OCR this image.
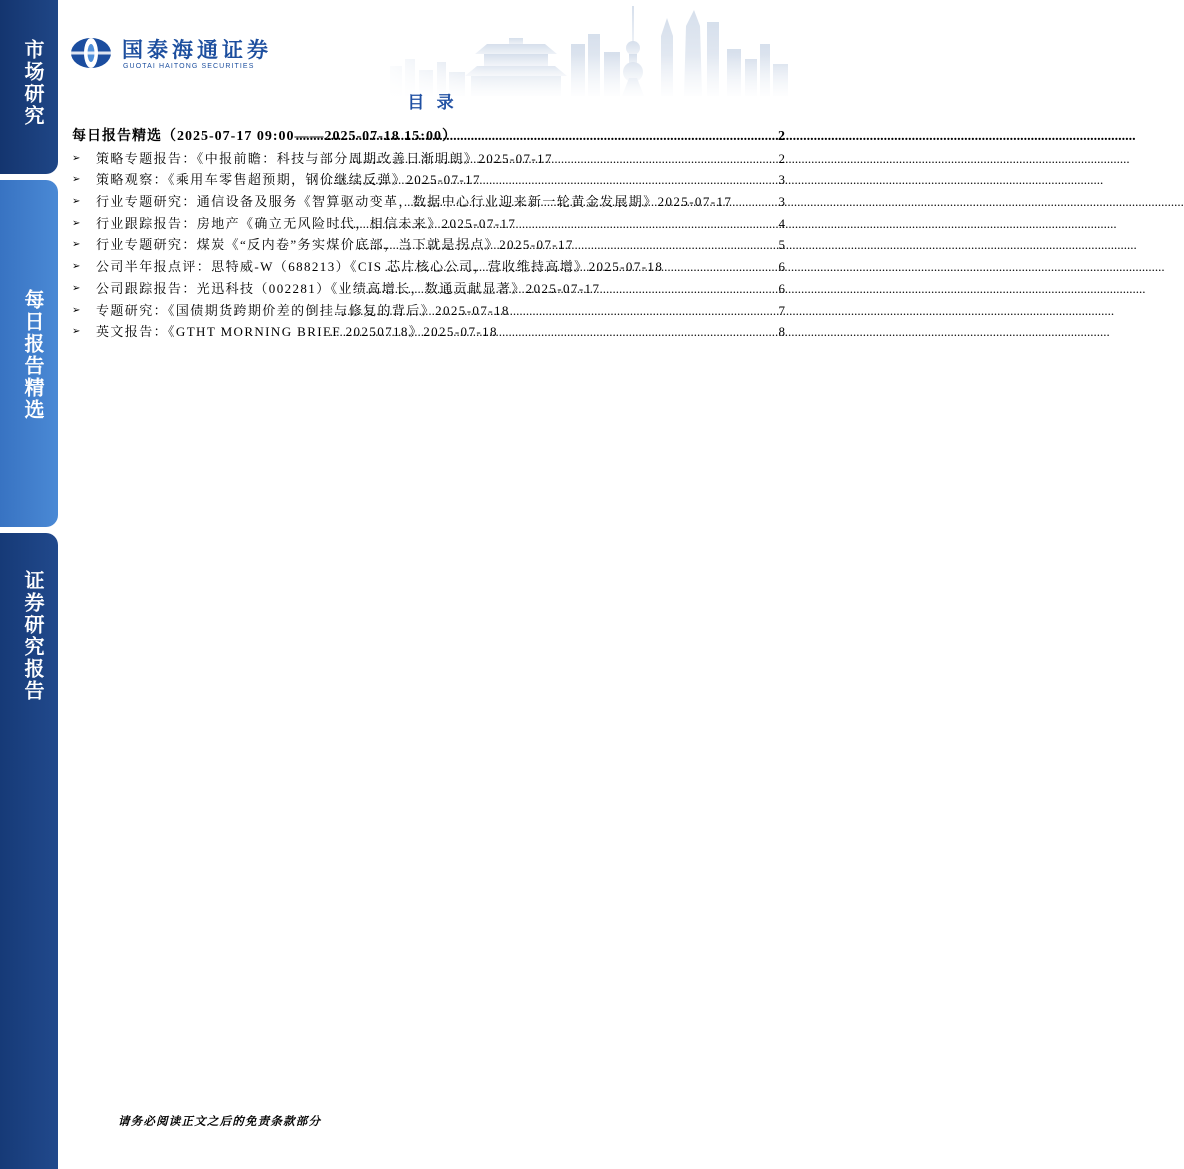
市场研究
每日报告精选
证券研究报告
国泰海通证券
GUOTAI HAITONG SECURITIES
目 录
每日报告精选（2025-07-17 09:00——2025-07-18 15:00） .....	2
➢	策略专题报告：《中报前瞻：科技与部分周期改善日渐明朗》2025-07-17 .....	2
➢	策略观察：《乘用车零售超预期，钢价继续反弹》2025-07-17 .....	3
➢	行业专题研究：通信设备及服务《智算驱动变革，数据中心行业迎来新一轮黄金发展期》2025-07-17 .....	3
➢	行业跟踪报告：房地产《确立无风险时代，相信未来》2025-07-17 .....	4
➢	行业专题研究：煤炭《“反内卷”务实煤价底部，当下就是拐点》2025-07-17 .....	5
➢	公司半年报点评：思特威-W（688213）《CIS 芯片核心公司，营收维持高增》2025-07-18 .....	6
➢	公司跟踪报告：光迅科技（002281）《业绩高增长，数通贡献显著》2025-07-17 .....	6
➢	专题研究：《国债期货跨期价差的倒挂与修复的背后》2025-07-18 .....	7
➢	英文报告：《GTHT MORNING BRIEF 20250718》2025-07-18 .....	8
请务必阅读正文之后的免责条款部分
